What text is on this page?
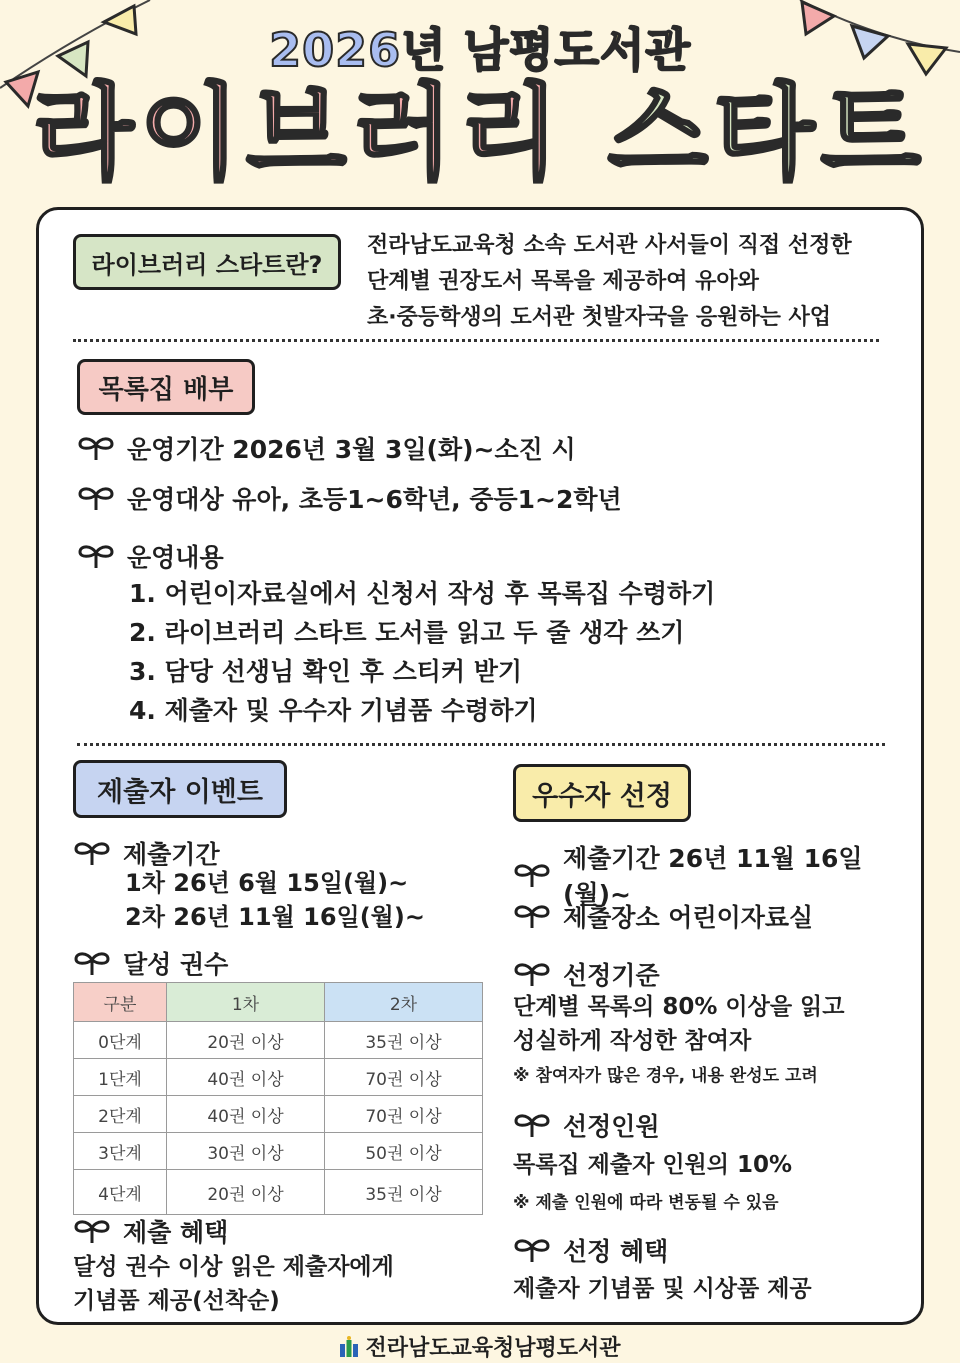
2026년 남평도서관
라이브러리 스타트
라이브러리 스타트란?
전라남도교육청 소속 도서관 사서들이 직접 선정한
단계별 권장도서 목록을 제공하여 유아와
초·중등학생의 도서관 첫발자국을 응원하는 사업
목록집 배부
운영기간 2026년 3월 3일(화)~소진 시
운영대상 유아, 초등1~6학년, 중등1~2학년
운영내용
1. 어린이자료실에서 신청서 작성 후 목록집 수령하기
2. 라이브러리 스타트 도서를 읽고 두 줄 생각 쓰기
3. 담당 선생님 확인 후 스티커 받기
4. 제출자 및 우수자 기념품 수령하기
제출자 이벤트
제출기간
1차 26년 6월 15일(월)~
2차 26년 11월 16일(월)~
달성 권수
구분	1차	2차
0단계	20권 이상	35권 이상
1단계	40권 이상	70권 이상
2단계	40권 이상	70권 이상
3단계	30권 이상	50권 이상
4단계	20권 이상	35권 이상
제출 혜택
달성 권수 이상 읽은 제출자에게
기념품 제공(선착순)
우수자 선정
제출기간 26년 11월 16일(월)~
제출장소 어린이자료실
선정기준
단계별 목록의 80% 이상을 읽고
성실하게 작성한 참여자
※ 참여자가 많은 경우, 내용 완성도 고려
선정인원
목록집 제출자 인원의 10%
※ 제출 인원에 따라 변동될 수 있음
선정 혜택
제출자 기념품 및 시상품 제공
전라남도교육청남평도서관
